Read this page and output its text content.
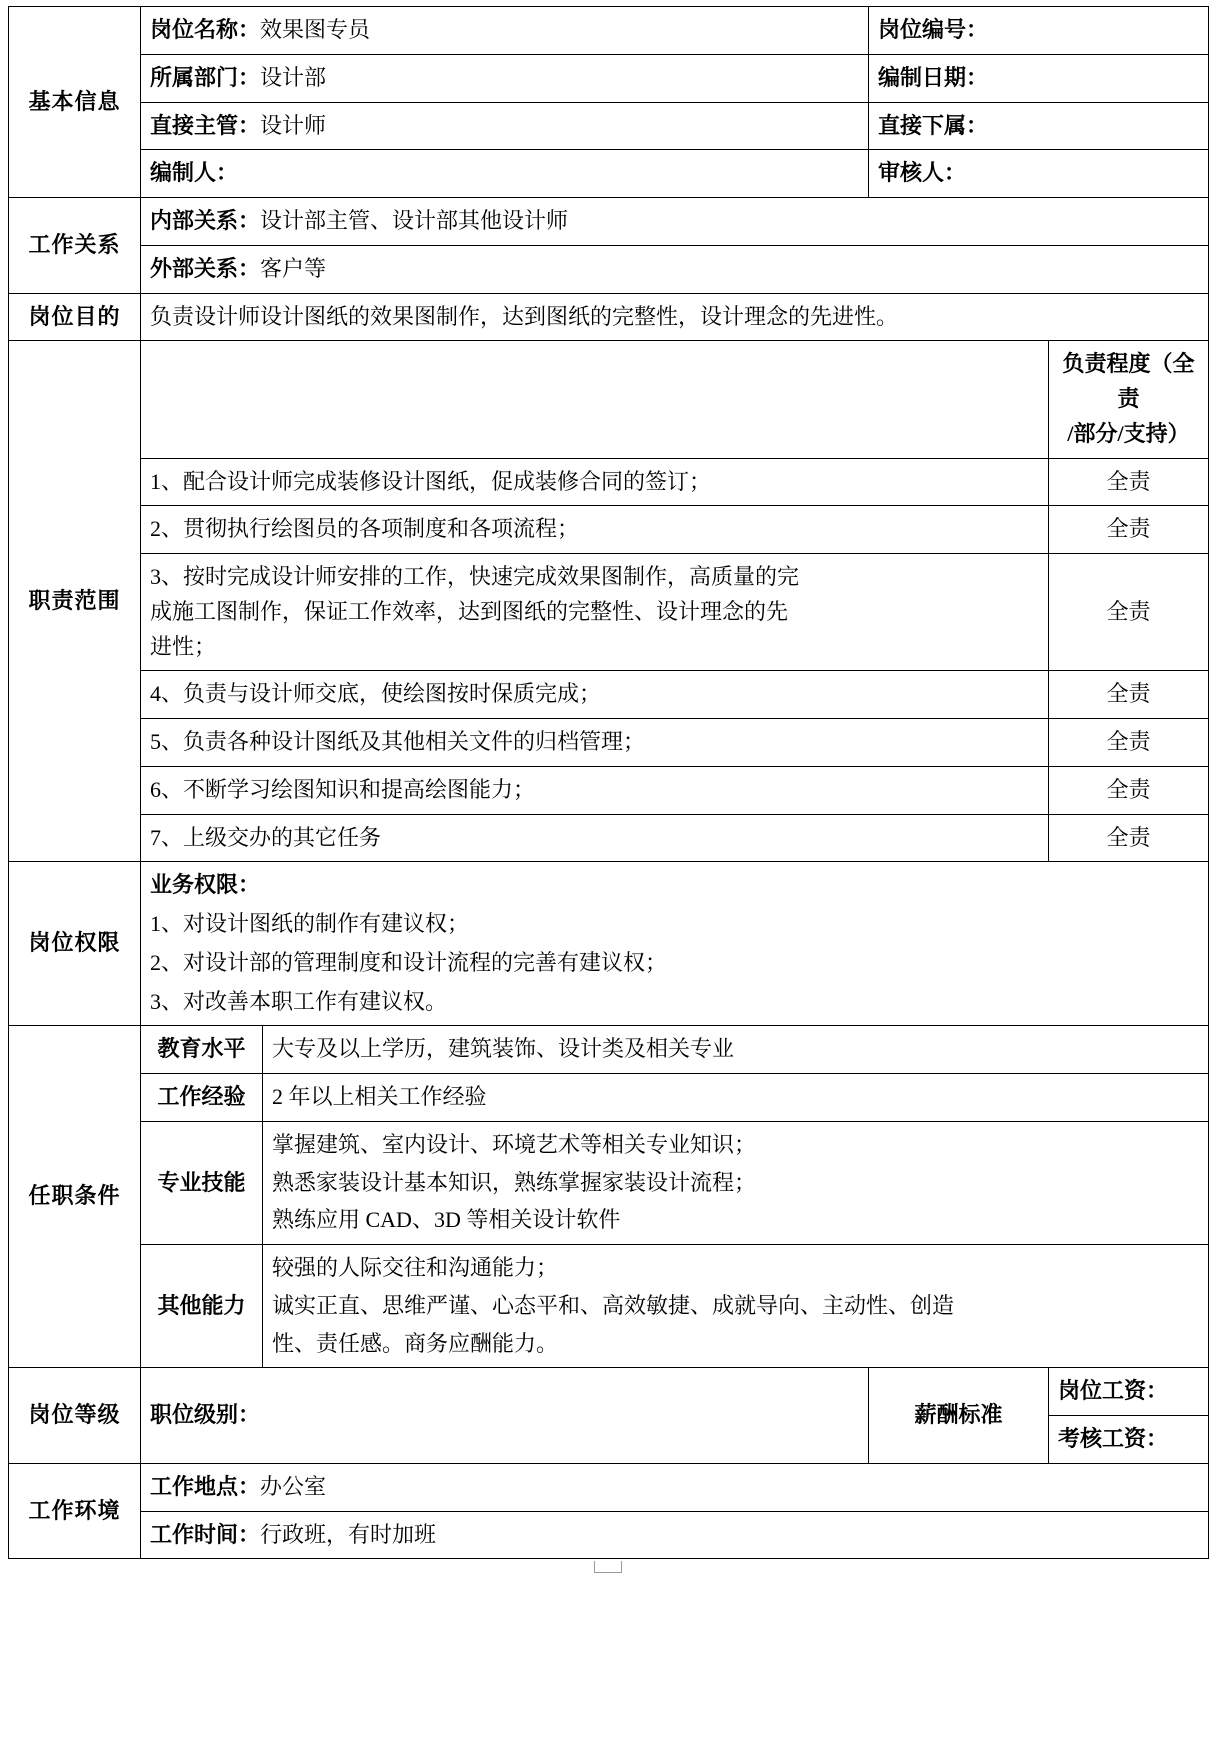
基本信息	岗位名称：效果图专员		岗位编号：	
	所属部门：设计部		编制日期：	
	直接主管：设计师		直接下属：	
	编制人：		审核人：	
工作关系	内部关系：设计部主管、设计部其他设计师			
	外部关系：客户等			
岗位目的	负责设计师设计图纸的效果图制作，达到图纸的完整性，设计理念的先进性。			
职责范围				负责程度（全责
/部分/支持）

	1、配合设计师完成装修设计图纸，促成装修合同的签订；			全责

	2、贯彻执行绘图员的各项制度和各项流程；			全责

	3、按时完成设计师安排的工作，快速完成效果图制作，高质量的完
成施工图制作，保证工作效率，达到图纸的完整性、设计理念的先
进性；			全责

	4、负责与设计师交底，使绘图按时保质完成；			全责

	5、负责各种设计图纸及其他相关文件的归档管理；			全责

	6、不断学习绘图知识和提高绘图能力；			全责

	7、上级交办的其它任务			全责
岗位权限	业务权限：

1、对设计图纸的制作有建议权；

2、对设计部的管理制度和设计流程的完善有建议权；

3、对改善本职工作有建议权。			

任职条件	教育水平	大专及以上学历，建筑装饰、设计类及相关专业		

	工作经验	2 年以上相关工作经验		

	专业技能	掌握建筑、室内设计、环境艺术等相关专业知识；

熟悉家装设计基本知识，熟练掌握家装设计流程；

熟练应用 CAD、3D 等相关设计软件		

	其他能力	较强的人际交往和沟通能力；

诚实正直、思维严谨、心态平和、高效敏捷、成就导向、主动性、创造

性、责任感。商务应酬能力。		

岗位等级	职位级别：		薪酬标准	岗位工资：
				考核工资：
工作环境	工作地点：办公室			
	工作时间：行政班，有时加班			
